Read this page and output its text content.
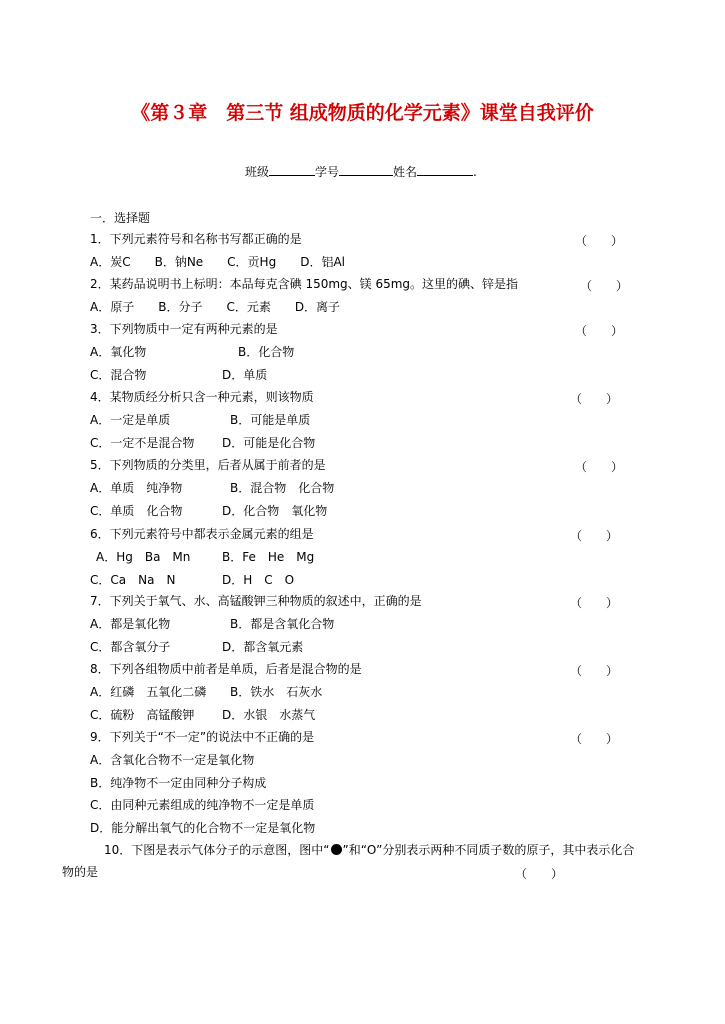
《第３章　第三节 组成物质的化学元素》课堂自我评价
班级	学号	姓名	.
一．选择题
1．下列元素符号和名称书写都正确的是	（　　）
A．炭C　　B．钠Ne　　C．贡Hg　　D．铝Al
2．某药品说明书上标明：本品每克含碘 150mg、镁 65mg。这里的碘、锌是指	（　　）
A．原子　　B．分子　　C．元素　　D．离子
3．下列物质中一定有两种元素的是	（　　）
A．氧化物	B．化合物
C．混合物	D．单质
4．某物质经分析只含一种元素，则该物质	（　　）
A．一定是单质	B．可能是单质
C．一定不是混合物 D．可能是化合物
5．下列物质的分类里，后者从属于前者的是	（　　）
A．单质　纯净物	B．混合物　化合物
C．单质　化合物	D．化合物　氧化物
6．下列元素符号中都表示金属元素的组是	（　　）
A．Hg　Ba　Mn	B．Fe　He　Mg
C．Ca　Na　N	D．H　C　O
7．下列关于氧气、水、高锰酸钾三种物质的叙述中，正确的是	（　　）
A．都是氧化物	B．都是含氧化合物
C．都含氧分子	D．都含氧元素
8．下列各组物质中前者是单质，后者是混合物的是	（　　）
A．红磷　五氧化二磷 B．铁水　石灰水
C．硫粉　高锰酸钾 D．水银　水蒸气
9．下列关于“不一定”的说法中不正确的是	（　　）
A．含氧化合物不一定是氧化物
B．纯净物不一定由同种分子构成
C．由同种元素组成的纯净物不一定是单质
D．能分解出氧气的化合物不一定是氧化物
10．下图是表示气体分子的示意图，图中“ ”和“O”分别表示两种不同质子数的原子，其中表示化合
物的是	（　　）
